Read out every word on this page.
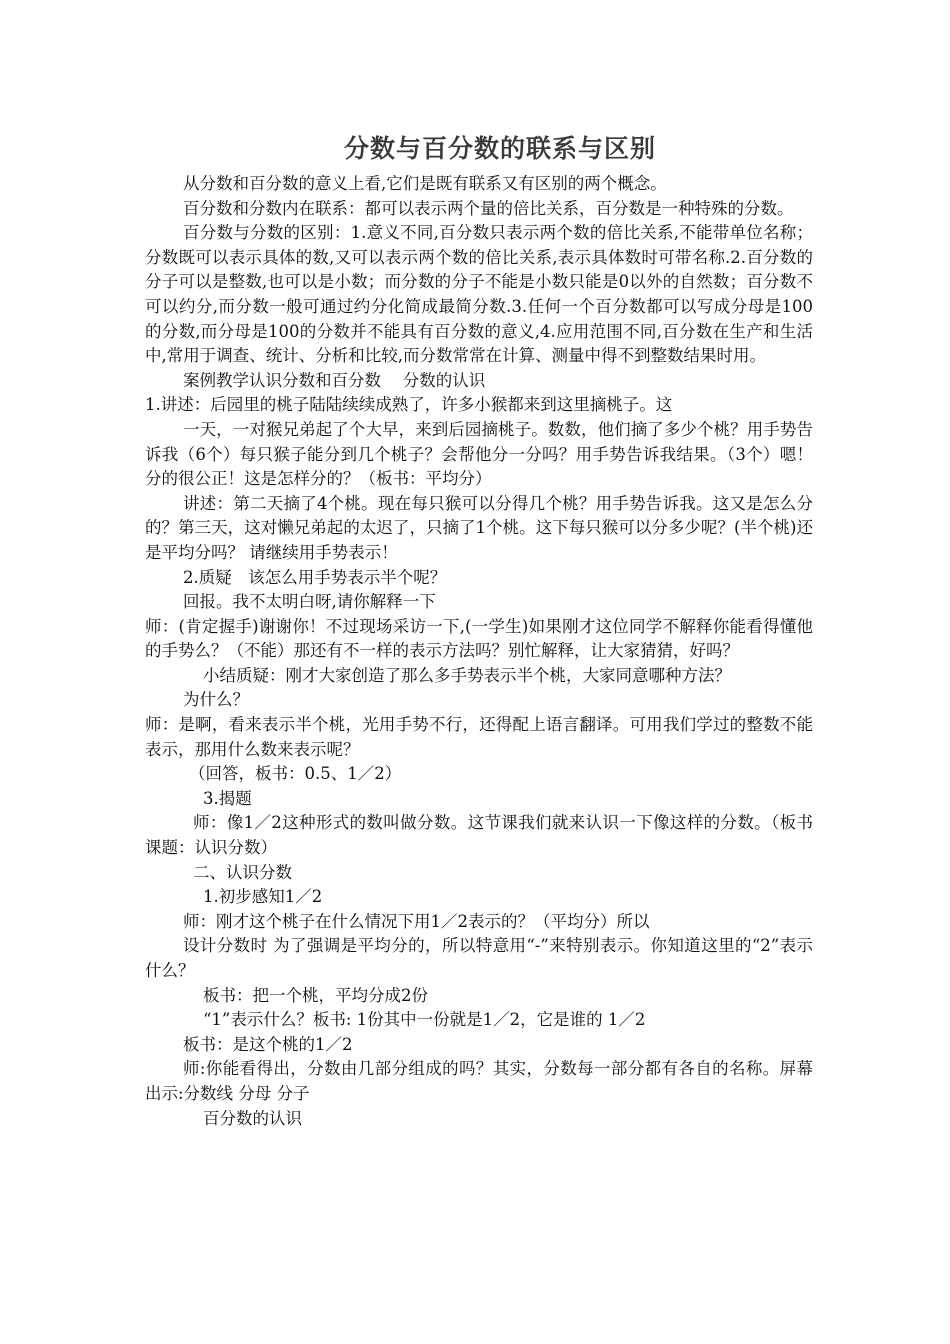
分数与百分数的联系与区别

从分数和百分数的意义上看,它们是既有联系又有区别的两个概念。

百分数和分数内在联系：都可以表示两个量的倍比关系，百分数是一种特殊的分数。

百分数与分数的区别：1.意义不同,百分数只表示两个数的倍比关系,不能带单位名称；分数既可以表示具体的数,又可以表示两个数的倍比关系,表示具体数时可带名称.2.百分数的分子可以是整数,也可以是小数；而分数的分子不能是小数只能是0以外的自然数；百分数不可以约分,而分数一般可通过约分化简成最简分数.3.任何一个百分数都可以写成分母是100的分数,而分母是100的分数并不能具有百分数的意义,4.应用范围不同,百分数在生产和生活中,常用于调查、统计、分析和比较,而分数常常在计算、测量中得不到整数结果时用。

案例教学认识分数和百分数　 分数的认识

1.讲述：后园里的桃子陆陆续续成熟了，许多小猴都来到这里摘桃子。这

一天，一对猴兄弟起了个大早，来到后园摘桃子。数数，他们摘了多少个桃？用手势告诉我（6个）每只猴子能分到几个桃子？会帮他分一分吗？用手势告诉我结果。（3个）嗯！分的很公正！这是怎样分的？（板书：平均分）

讲述：第二天摘了4个桃。现在每只猴可以分得几个桃？用手势告诉我。这又是怎么分的？第三天，这对懒兄弟起的太迟了，只摘了1个桃。这下每只猴可以分多少呢？(半个桃)还是平均分吗？ 请继续用手势表示！

2.质疑　该怎么用手势表示半个呢？

回报。我不太明白呀,请你解释一下

师：(肯定握手)谢谢你！不过现场采访一下,(一学生)如果刚才这位同学不解释你能看得懂他的手势么？（不能）那还有不一样的表示方法吗？别忙解释，让大家猜猜，好吗？

小结质疑：刚才大家创造了那么多手势表示半个桃，大家同意哪种方法？

为什么？

师：是啊，看来表示半个桃，光用手势不行，还得配上语言翻译。可用我们学过的整数不能表示，那用什么数来表示呢？

（回答，板书：0.5、1／2）

3.揭题

师：像1／2这种形式的数叫做分数。这节课我们就来认识一下像这样的分数。（板书课题：认识分数）

二、认识分数

1.初步感知1／2

师：刚才这个桃子在什么情况下用1／2表示的？（平均分）所以

设计分数时 为了强调是平均分的，所以特意用“-”来特别表示。你知道这里的“2”表示什么？

板书：把一个桃，平均分成2份

“1”表示什么？板书: 1份其中一份就是1／2，它是谁的 1／2

板书：是这个桃的1／2

师:你能看得出，分数由几部分组成的吗？其实，分数每一部分都有各自的名称。屏幕出示:分数线 分母 分子

百分数的认识
